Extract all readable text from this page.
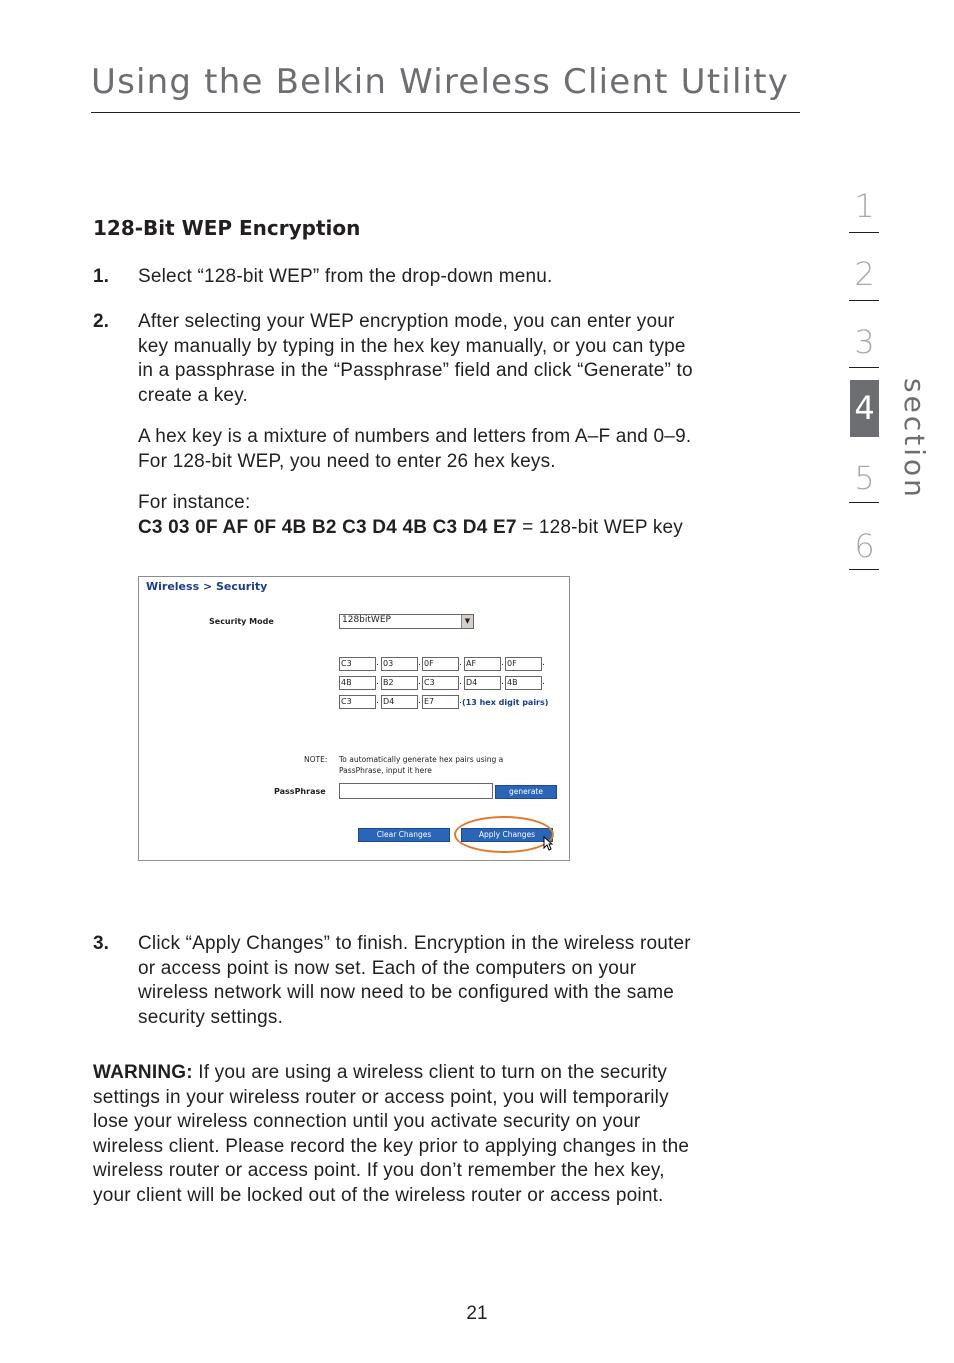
Using the Belkin Wireless Client Utility
1
2
3
4
5
6
section
128-Bit WEP Encryption
1. Select “128-bit WEP” from the drop-down menu.
2. After selecting your WEP encryption mode, you can enter your
key manually by typing in the hex key manually, or you can type
in a passphrase in the “Passphrase” field and click “Generate” to
create a key.
A hex key is a mixture of numbers and letters from A–F and 0–9.
For 128-bit WEP, you need to enter 26 hex keys.
For instance:
C3 03 0F AF 0F 4B B2 C3 D4 4B C3 D4 E7 = 128-bit WEP key
Wireless > Security
Security Mode	128bitWEP	▼
C3	. 03	. 0F	. AF	. 0F	.
4B	. B2	. C3	. D4	. 4B	.
C3	. D4	. E7	. (13 hex digit pairs)
NOTE: To automatically generate hex pairs using a
PassPhrase, input it here
PassPhrase	generate
Clear Changes	Apply Changes
3. Click “Apply Changes” to finish. Encryption in the wireless router
or access point is now set. Each of the computers on your
wireless network will now need to be configured with the same
security settings.
WARNING: If you are using a wireless client to turn on the security
settings in your wireless router or access point, you will temporarily
lose your wireless connection until you activate security on your
wireless client. Please record the key prior to applying changes in the
wireless router or access point. If you don’t remember the hex key,
your client will be locked out of the wireless router or access point.
21
